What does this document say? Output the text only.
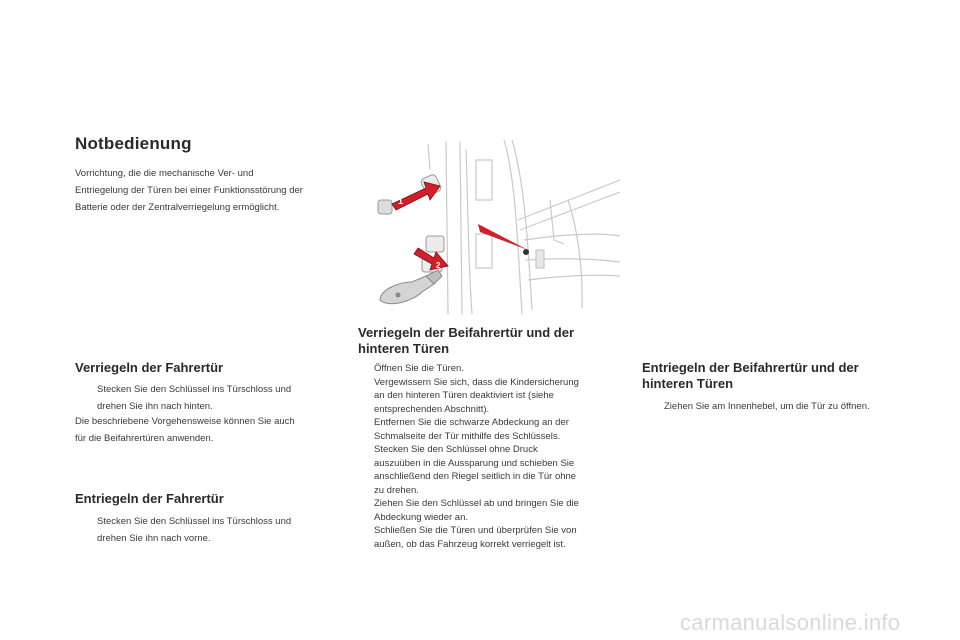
Notbedienung
Vorrichtung, die die mechanische Ver- und
Entriegelung der Türen bei einer Funktionsstörung der
Batterie oder der Zentralverriegelung ermöglicht.
1
2
Verriegeln der Fahrertür
Stecken Sie den Schlüssel ins Türschloss und
drehen Sie ihn nach hinten.
Die beschriebene Vorgehensweise können Sie auch
für die Beifahrertüren anwenden.
Entriegeln der Fahrertür
Stecken Sie den Schlüssel ins Türschloss und
drehen Sie ihn nach vorne.
Verriegeln der Beifahrertür und der
hinteren Türen
Öffnen Sie die Türen.
Vergewissern Sie sich, dass die Kindersicherung
an den hinteren Türen deaktiviert ist (siehe
entsprechenden Abschnitt).
Entfernen Sie die schwarze Abdeckung an der
Schmalseite der Tür mithilfe des Schlüssels.
Stecken Sie den Schlüssel ohne Druck
auszuüben in die Aussparung und schieben Sie
anschließend den Riegel seitlich in die Tür ohne
zu drehen.
Ziehen Sie den Schlüssel ab und bringen Sie die
Abdeckung wieder an.
Schließen Sie die Türen und überprüfen Sie von
außen, ob das Fahrzeug korrekt verriegelt ist.
Entriegeln der Beifahrertür und der
hinteren Türen
Ziehen Sie am Innenhebel, um die Tür zu öffnen.
carmanualsonline.info
